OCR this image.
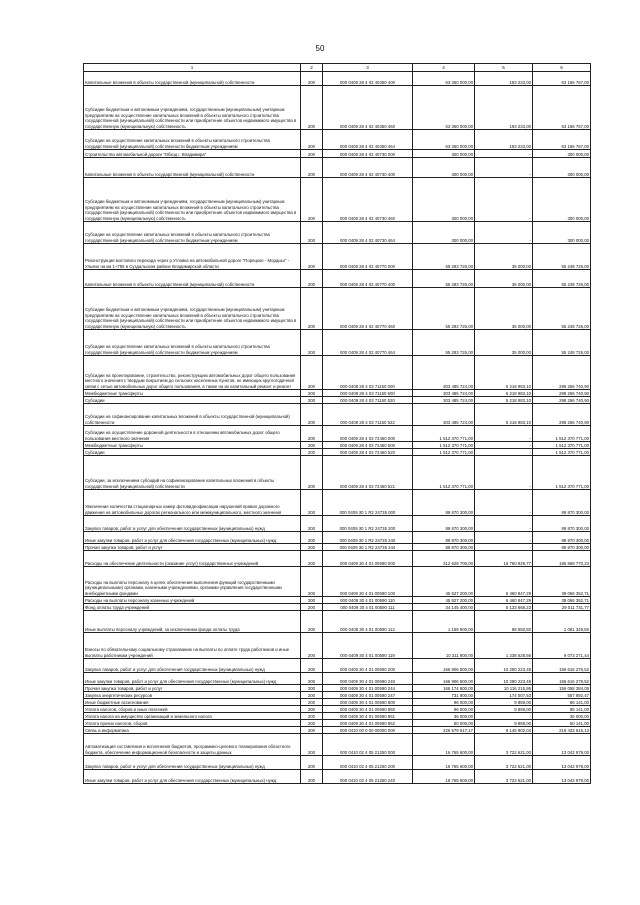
50
1	2	3	4	5	6
Капитальные вложения в объекты государственной (муниципальной) собственности	200	000 0409 28 4 02 40350 400	63 360 000,00	193 233,00	63 166 767,00
Субсидии бюджетным и автономным учреждениям, государственным (муниципальным) унитарным предприятиям на осуществление капитальных вложений в объекты капитального строительства государственной (муниципальной) собственности или приобретение объектов недвижимого имущества в государственную (муниципальную) собственность	200	000 0409 28 4 02 40350 460	63 360 000,00	193 233,00	63 166 767,00
Субсидии на осуществление капитальных вложений в объекты капитального строительства государственной (муниципальной) собственности бюджетным учреждениям	200	000 0409 28 4 02 40350 464	63 360 000,00	193 233,00	63 166 767,00
Строительство автомобильной дороги "Обход г. Владимира"	200	000 0409 28 4 02 40730 000	300 000,00	-	300 000,00
Капитальные вложения в объекты государственной (муниципальной) собственности	200	000 0409 28 4 02 40730 400	300 000,00	-	300 000,00
Субсидии бюджетным и автономным учреждениям, государственным (муниципальным) унитарным предприятиям на осуществление капитальных вложений в объекты капитального строительства государственной (муниципальной) собственности или приобретение объектов недвижимого имущества в государственную (муниципальную) собственность	200	000 0409 28 4 02 40730 460	300 000,00	-	300 000,00
Субсидии на осуществление капитальных вложений в объекты капитального строительства государственной (муниципальной) собственности бюджетным учреждениям	200	000 0409 28 4 02 40730 464	300 000,00	-	300 000,00
Реконструкция мостового перехода через р.Угловка на автомобильной дороге "Порецкое - Мордыш" - Ульяно на км 1+755 в Суздальском районе Владимирской области	200	000 0409 28 4 02 40770 000	55 283 726,00	35 000,00	55 248 726,00
Капитальные вложения в объекты государственной (муниципальной) собственности	200	000 0409 28 4 02 40770 400	55 283 726,00	35 000,00	55 248 726,00
Субсидии бюджетным и автономным учреждениям, государственным (муниципальным) унитарным предприятиям на осуществление капитальных вложений в объекты капитального строительства государственной (муниципальной) собственности или приобретение объектов недвижимого имущества в государственную (муниципальную) собственность	200	000 0409 28 4 02 40770 460	55 283 726,00	35 000,00	55 248 726,00
Субсидии на осуществление капитальных вложений в объекты капитального строительства государственной (муниципальной) собственности бюджетным учреждениям	200	000 0409 28 4 02 40770 464	55 283 726,00	35 000,00	55 248 726,00
Субсидии на проектирование, строительство, реконструкцию автомобильных дорог общего пользования местного значения с твердым покрытием до сельских населенных пунктов, не имеющих круглогодичной связи с сетью автомобильных дорог общего пользования, а также на их капитальный ремонт и ремонт	200	000 0409 28 4 03 71150 000	303 485 724,00	5 218 983,10	298 266 740,90
Межбюджетные трансферты	200	000 0409 28 4 03 71150 500	303 485 724,00	5 218 983,10	298 266 740,90
Субсидии	200	000 0409 28 4 03 71150 520	303 485 724,00	5 218 983,10	298 266 740,90
Субсидии на софинансирование капитальных вложений в объекты государственной (муниципальной) собственности	200	000 0409 28 4 03 71150 522	303 485 724,00	5 218 983,10	298 266 740,90
Субсидии на осуществление дорожной деятельности в отношении автомобильных дорог общего пользования местного значения	200	000 0409 28 4 03 72460 000	1 512 370 771,00	-	1 512 370 771,00
Межбюджетные трансферты	200	000 0409 28 4 03 72460 500	1 512 370 771,00	-	1 512 370 771,00
Субсидии	200	000 0409 28 4 03 72460 520	1 512 370 771,00	-	1 512 370 771,00
Субсидии, за исключением субсидий на софинансирование капитальных вложений в объекты государственной (муниципальной) собственности	200	000 0409 28 4 03 72460 521	1 512 370 771,00	-	1 512 370 771,00
Увеличение количества стационарных камер фотовидеофиксации нарушений правил дорожного движения на автомобильных дорогах регионального или межмуниципального, местного значения	200	000 0409 30 1 R2 24735 000	89 870 300,00	-	89 870 300,00
Закупка товаров, работ и услуг для обеспечения государственных (муниципальных) нужд	200	000 0409 30 1 R2 24735 200	89 870 300,00	-	89 870 300,00
Иные закупки товаров, работ и услуг для обеспечения государственных (муниципальных) нужд	200	000 0409 30 1 R2 24735 240	89 870 300,00	-	89 870 300,00
Прочая закупка товаров, работ и услуг	200	000 0409 30 1 R2 24735 244	89 870 300,00	-	89 870 300,00
Расходы на обеспечение деятельности (оказание услуг) государственных учреждений	200	000 0409 30 4 01 00590 000	212 629 700,00	16 760 929,77	195 868 770,23
Расходы на выплаты персоналу в целях обеспечения выполнения функций государственными (муниципальными) органами, казенными учреждениями, органами управления государственными внебюджетными фондами	200	000 0409 30 4 01 00590 100	45 527 200,00	6 460 847,29	39 066 352,71
Расходы на выплаты персоналу казенных учреждений	200	000 0409 30 4 01 00590 110	45 527 200,00	6 460 847,29	39 066 352,71
Фонд оплаты труда учреждений	200	000 0409 30 4 01 00590 111	34 145 400,00	5 133 668,23	29 011 731,77
Иные выплаты персоналу учреждений, за исключением фонда оплаты труда	200	000 0409 30 4 01 00590 112	1 169 900,00	88 550,50	1 081 349,50
Взносы по обязательному социальному страхованию на выплаты по оплате труда работников и иные выплаты работникам учреждений	200	000 0409 30 4 01 00590 119	10 311 900,00	1 238 628,56	9 073 271,44
Закупка товаров, работ и услуг для обеспечения государственных (муниципальных) нужд	200	000 0409 30 4 01 00590 200	166 906 500,00	10 290 223,48	156 616 276,52
Иные закупки товаров, работ и услуг для обеспечения государственных (муниципальных) нужд	200	000 0409 30 4 01 00590 240	166 906 500,00	10 290 223,48	156 616 276,52
Прочая закупка товаров, работ и услуг	200	000 0409 30 4 01 00590 244	166 174 600,00	10 116 215,95	156 058 384,05
Закупка энергетических ресурсов	200	000 0409 30 4 01 00590 247	731 900,00	174 007,53	557 892,47
Иные бюджетные ассигнования	200	000 0409 30 4 01 00590 800	96 000,00	9 859,00	86 141,00
Уплата налогов, сборов и иных платежей	200	000 0409 30 4 01 00590 850	96 000,00	9 859,00	86 141,00
Уплата налога на имущество организаций и земельного налога	200	000 0409 30 4 01 00590 851	36 000,00	-	36 000,00
Уплата прочих налогов, сборов	200	000 0409 30 4 01 00590 852	60 000,00	9 859,00	50 141,00
Связь и информатика	200	000 0410 00 0 00 00000 000	226 579 517,17	8 145 902,04	218 433 615,13
Автоматизация составления и исполнения бюджетов, программно-целевого планирования областного бюджета, обеспечение информационной безопасности и защиты данных	200	000 0410 02 4 05 21250 000	16 765 600,00	3 722 621,00	13 042 979,00
Закупка товаров, работ и услуг для обеспечения государственных (муниципальных) нужд	200	000 0410 02 4 05 21250 200	16 765 600,00	3 722 621,00	13 042 979,00
Иные закупки товаров, работ и услуг для обеспечения государственных (муниципальных) нужд	200	000 0410 02 4 05 21250 240	16 765 600,00	3 722 621,00	13 042 979,00
